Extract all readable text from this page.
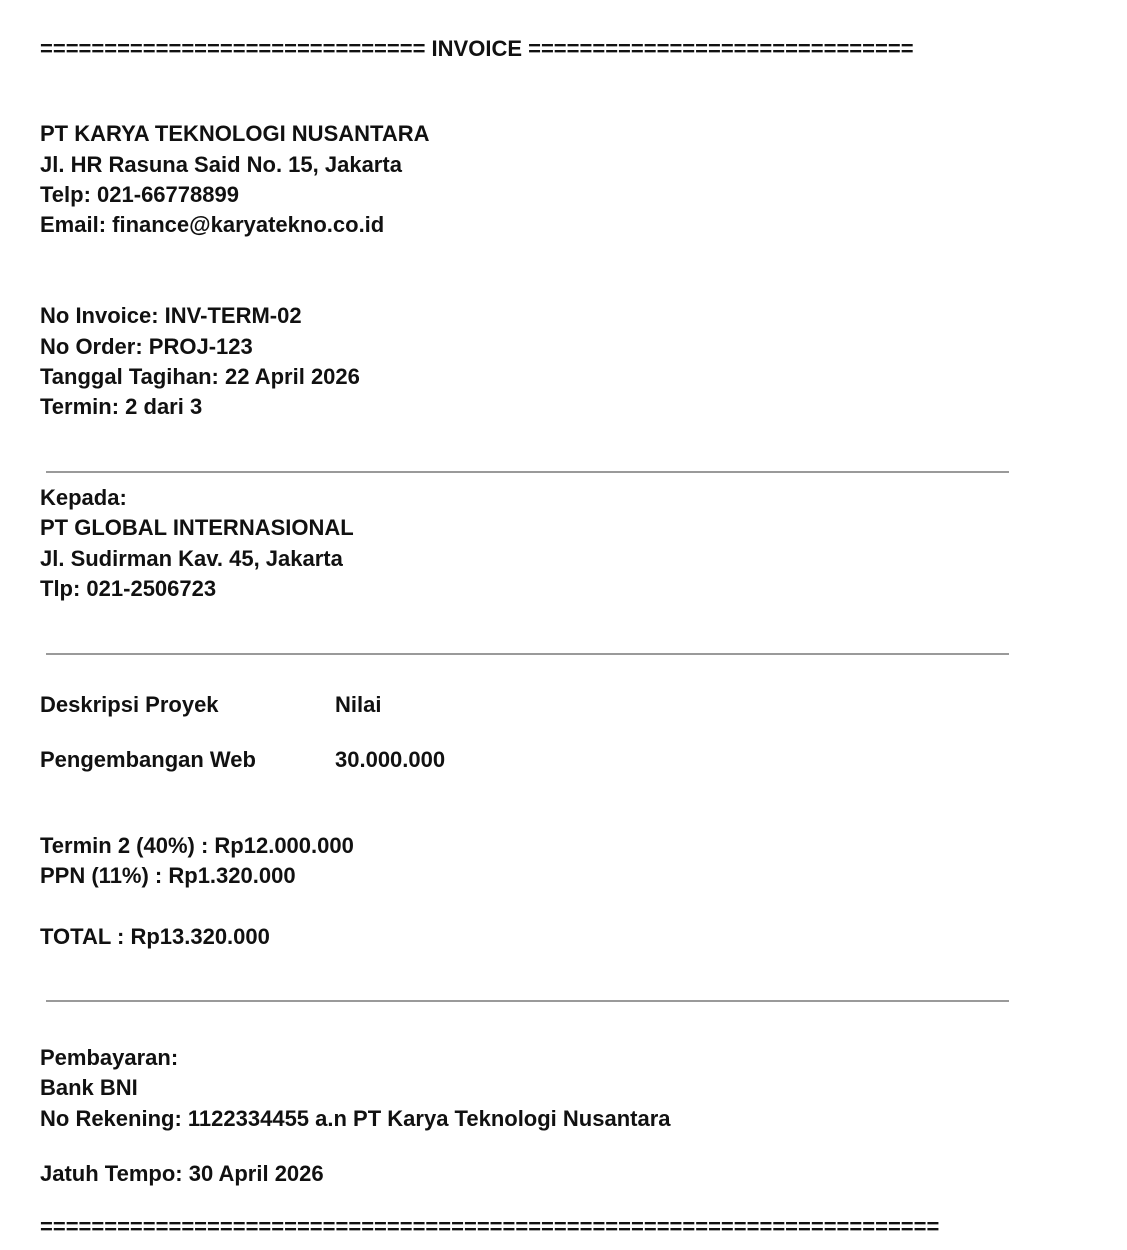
============================== INVOICE ==============================
PT KARYA TEKNOLOGI NUSANTARA
Jl. HR Rasuna Said No. 15, Jakarta
Telp: 021-66778899
Email: finance@karyatekno.co.id
No Invoice: INV-TERM-02
No Order: PROJ-123
Tanggal Tagihan: 22 April 2026
Termin: 2 dari 3
Kepada:
PT GLOBAL INTERNASIONAL
Jl. Sudirman Kav. 45, Jakarta
Tlp: 021-2506723
Deskripsi Proyek	Nilai
Pengembangan Web	30.000.000
Termin 2 (40%) : Rp12.000.000
PPN (11%) : Rp1.320.000
TOTAL : Rp13.320.000
Pembayaran:
Bank BNI
No Rekening: 1122334455 a.n PT Karya Teknologi Nusantara
Jatuh Tempo: 30 April 2026
======================================================================
